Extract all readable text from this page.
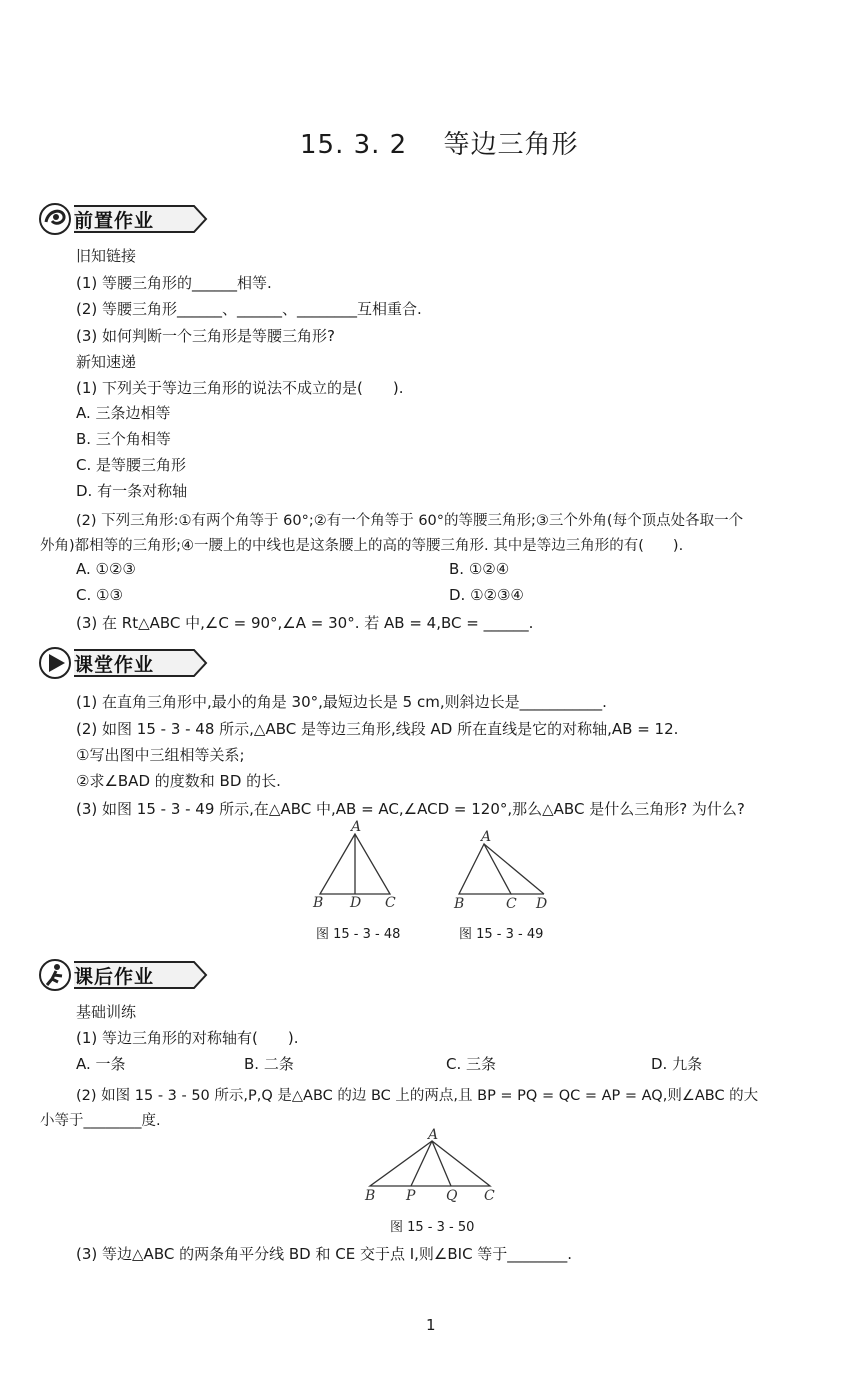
15. 3. 2　 等边三角形
前置作业
旧知链接
(1) 等腰三角形的______相等.
(2) 等腰三角形______、______、________互相重合.
(3) 如何判断一个三角形是等腰三角形?
新知速递
(1) 下列关于等边三角形的说法不成立的是(　　).
A. 三条边相等
B. 三个角相等
C. 是等腰三角形
D. 有一条对称轴
(2) 下列三角形:①有两个角等于 60°;②有一个角等于 60°的等腰三角形;③三个外角(每个顶点处各取一个
外角)都相等的三角形;④一腰上的中线也是这条腰上的高的等腰三角形. 其中是等边三角形的有(　　).
A. ①②③	B. ①②④
C. ①③	D. ①②③④
(3) 在 Rt△ABC 中,∠C = 90°,∠A = 30°. 若 AB = 4,BC = ______.
课堂作业
(1) 在直角三角形中,最小的角是 30°,最短边长是 5 cm,则斜边长是___________.
(2) 如图 15 - 3 - 48 所示,△ABC 是等边三角形,线段 AD 所在直线是它的对称轴,AB = 12.
①写出图中三组相等关系;
②求∠BAD 的度数和 BD 的长.
(3) 如图 15 - 3 - 49 所示,在△ABC 中,AB = AC,∠ACD = 120°,那么△ABC 是什么三角形? 为什么?
A
B D C
图 15 - 3 - 48
A
B	C D
图 15 - 3 - 49
课后作业
基础训练
(1) 等边三角形的对称轴有(　　).
A. 一条	B. 二条	C. 三条	D. 九条
(2) 如图 15 - 3 - 50 所示,P,Q 是△ABC 的边 BC 上的两点,且 BP = PQ = QC = AP = AQ,则∠ABC 的大
小等于________度.
A
B P Q C
图 15 - 3 - 50
(3) 等边△ABC 的两条角平分线 BD 和 CE 交于点 I,则∠BIC 等于________.
1
